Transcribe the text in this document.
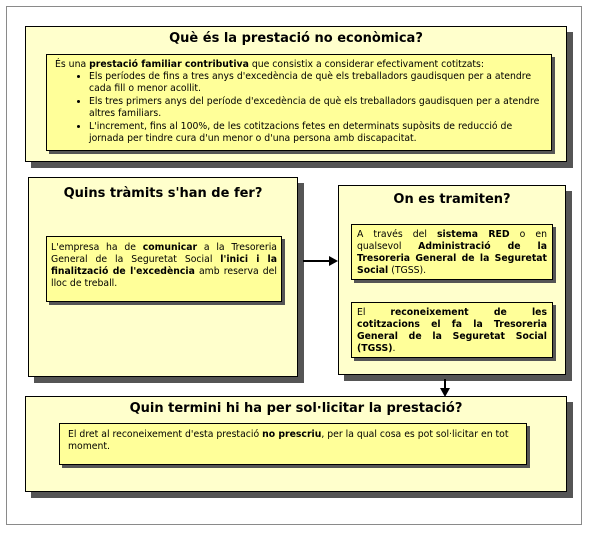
Què és la prestació no econòmica?
És una prestació familiar contributiva que consistix a considerar efectivament cotitzats:
• Els períodes de fins a tres anys d'excedència de què els treballadors gaudisquen per a atendre cada fill o menor acollit.
• Els tres primers anys del període d'excedència de què els treballadors gaudisquen per a atendre altres familiars.
• L'increment, fins al 100%, de les cotitzacions fetes en determinats supòsits de reducció de jornada per tindre cura d'un menor o d'una persona amb discapacitat.
Quins tràmits s'han de fer?
L'empresa ha de comunicar a la Tresoreria General de la Seguretat Social l'inici i la finalització de l'excedència amb reserva del lloc de treball.
On es tramiten?
A través del sistema RED o en qualsevol Administració de la Tresoreria General de la Seguretat Social (TGSS).
El reconeixement de les cotitzacions el fa la Tresoreria General de la Seguretat Social (TGSS).
Quin termini hi ha per sol·licitar la prestació?
El dret al reconeixement d'esta prestació no prescriu, per la qual cosa es pot sol·licitar en tot moment.
